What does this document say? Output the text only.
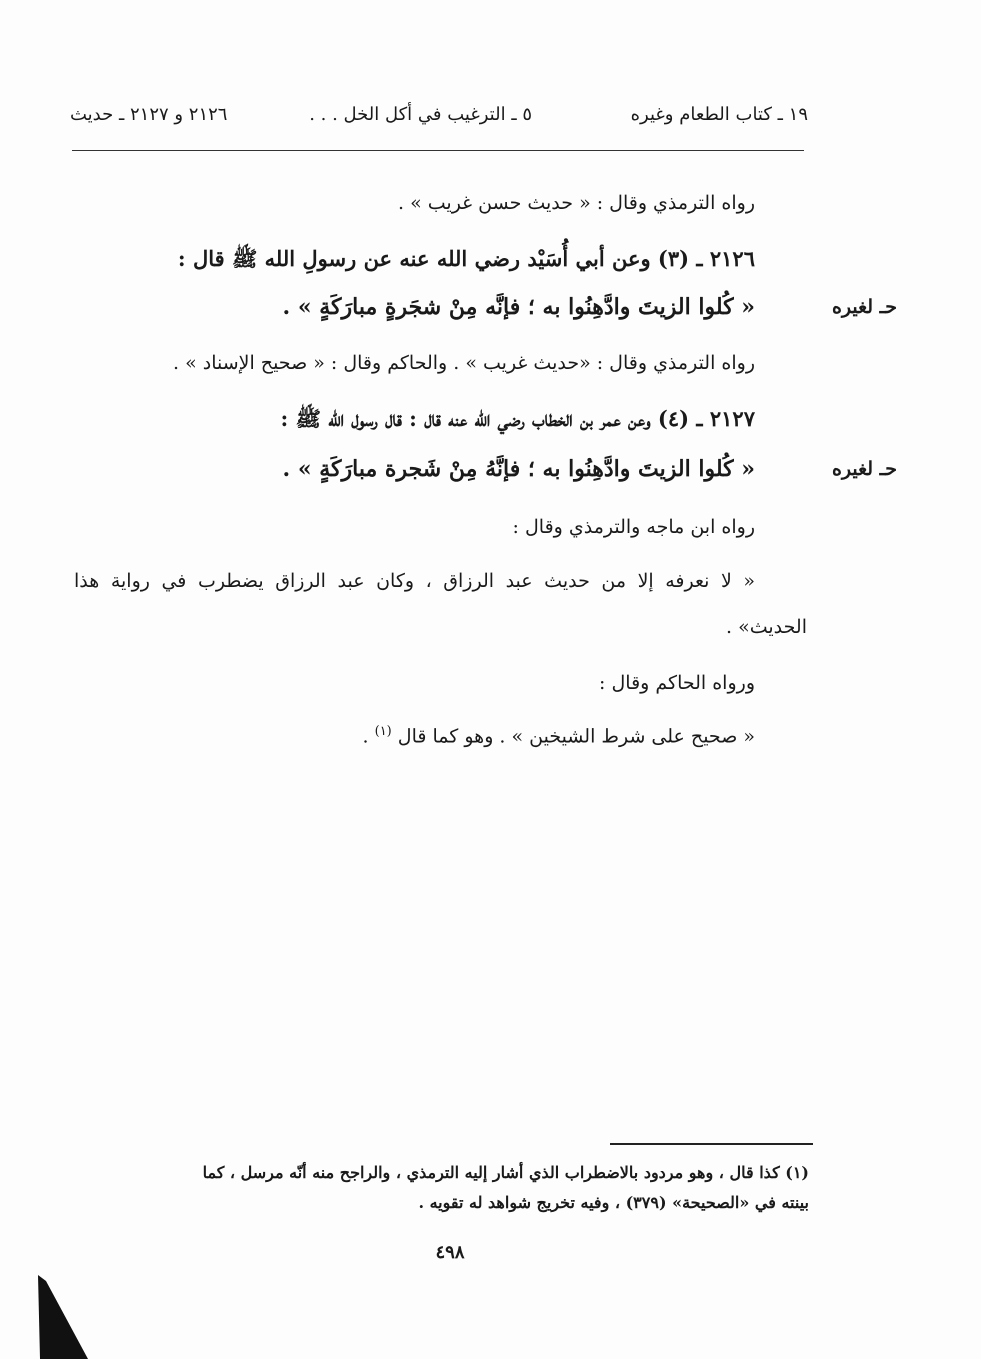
١٩ ـ كتاب الطعام وغيره
٥ ـ الترغيب في أكل الخل . . .
٢١٢٦ و ٢١٢٧ ـ حديث
رواه الترمذي وقال : « حديث حسن غريب » .
٢١٢٦ ـ (٣) وعن أبي أُسَيْد رضي الله عنه عن رسولِ الله ﷺ قال :
« كُلوا الزيتَ وادَّهِنُوا به ؛ فإنَّه مِنْ شجَرةٍ مبارَكَةٍ » .	حـ لغيره
رواه الترمذي وقال : «حديث غريب » . والحاكم وقال : « صحيح الإسناد » .
٢١٢٧ ـ (٤) وعن عمر بن الخطاب رضي الله عنه قال : قال رسول الله ﷺ :
« كُلوا الزيتَ وادَّهِنُوا به ؛ فإنَّهُ مِنْ شَجرة مبارَكَةٍ » .	حـ لغيره
رواه ابن ماجه والترمذي وقال :
« لا نعرفه إلا من حديث عبد الرزاق ، وكان عبد الرزاق يضطرب في رواية هذا
الحديث» .
ورواه الحاكم وقال :
« صحيح على شرط الشيخين » . وهو كما قال $^{(١)}$ .
(١) كذا قال ، وهو مردود بالاضطراب الذي أشار إليه الترمذي ، والراجح منه أنّه مرسل ، كما
بينته في «الصحيحة» (٣٧٩) ، وفيه تخريج شواهد له تقويه .
٤٩٨
